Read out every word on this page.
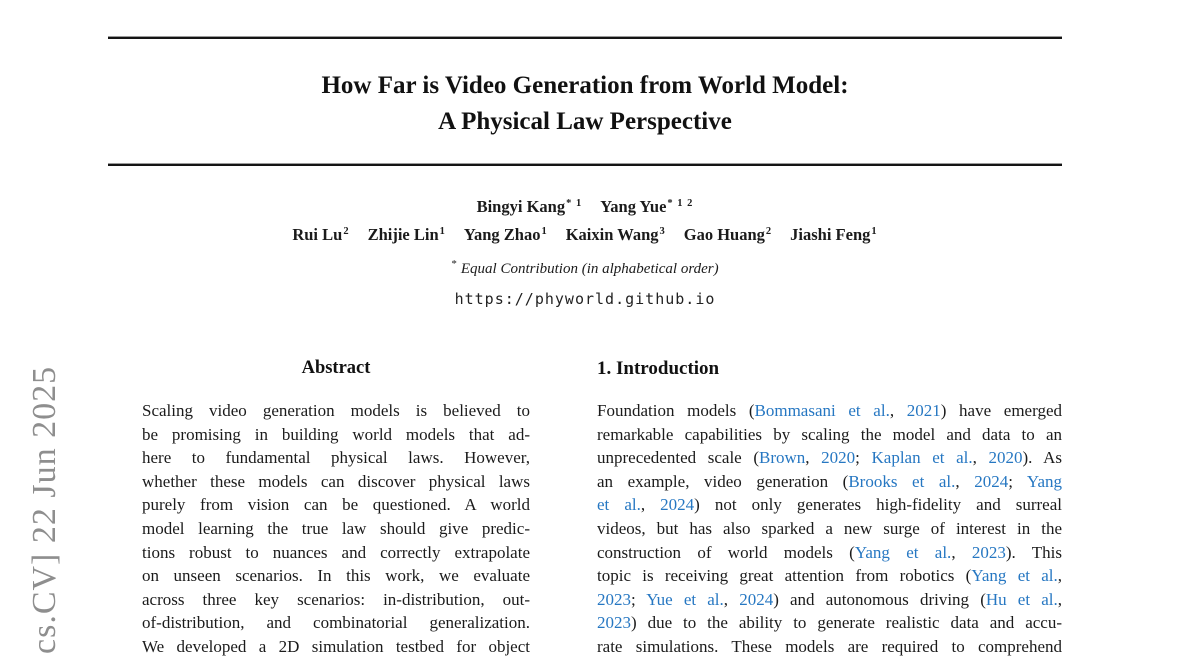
cs.CV] 22 Jun 2025
How Far is Video Generation from World Model:
A Physical Law Perspective
Bingyi Kang$^{* 1}$ Yang Yue$^{* 1 2}$
Rui Lu$^2$ Zhijie Lin$^1$ Yang Zhao$^1$ Kaixin Wang$^3$ Gao Huang$^2$ Jiashi Feng$^1$
* Equal Contribution (in alphabetical order)
https://phyworld.github.io
Abstract
Scaling video generation models is believed to
be promising in building world models that ad-
here to fundamental physical laws. However,
whether these models can discover physical laws
purely from vision can be questioned. A world
model learning the true law should give predic-
tions robust to nuances and correctly extrapolate
on unseen scenarios. In this work, we evaluate
across three key scenarios: in-distribution, out-
of-distribution, and combinatorial generalization.
We developed a 2D simulation testbed for object
1. Introduction
Foundation models (Bommasani et al., 2021) have emerged
remarkable capabilities by scaling the model and data to an
unprecedented scale (Brown, 2020; Kaplan et al., 2020). As
an example, video generation (Brooks et al., 2024; Yang
et al., 2024) not only generates high-fidelity and surreal
videos, but has also sparked a new surge of interest in the
construction of world models (Yang et al., 2023). This
topic is receiving great attention from robotics (Yang et al.,
2023; Yue et al., 2024) and autonomous driving (Hu et al.,
2023) due to the ability to generate realistic data and accu-
rate simulations. These models are required to comprehend
